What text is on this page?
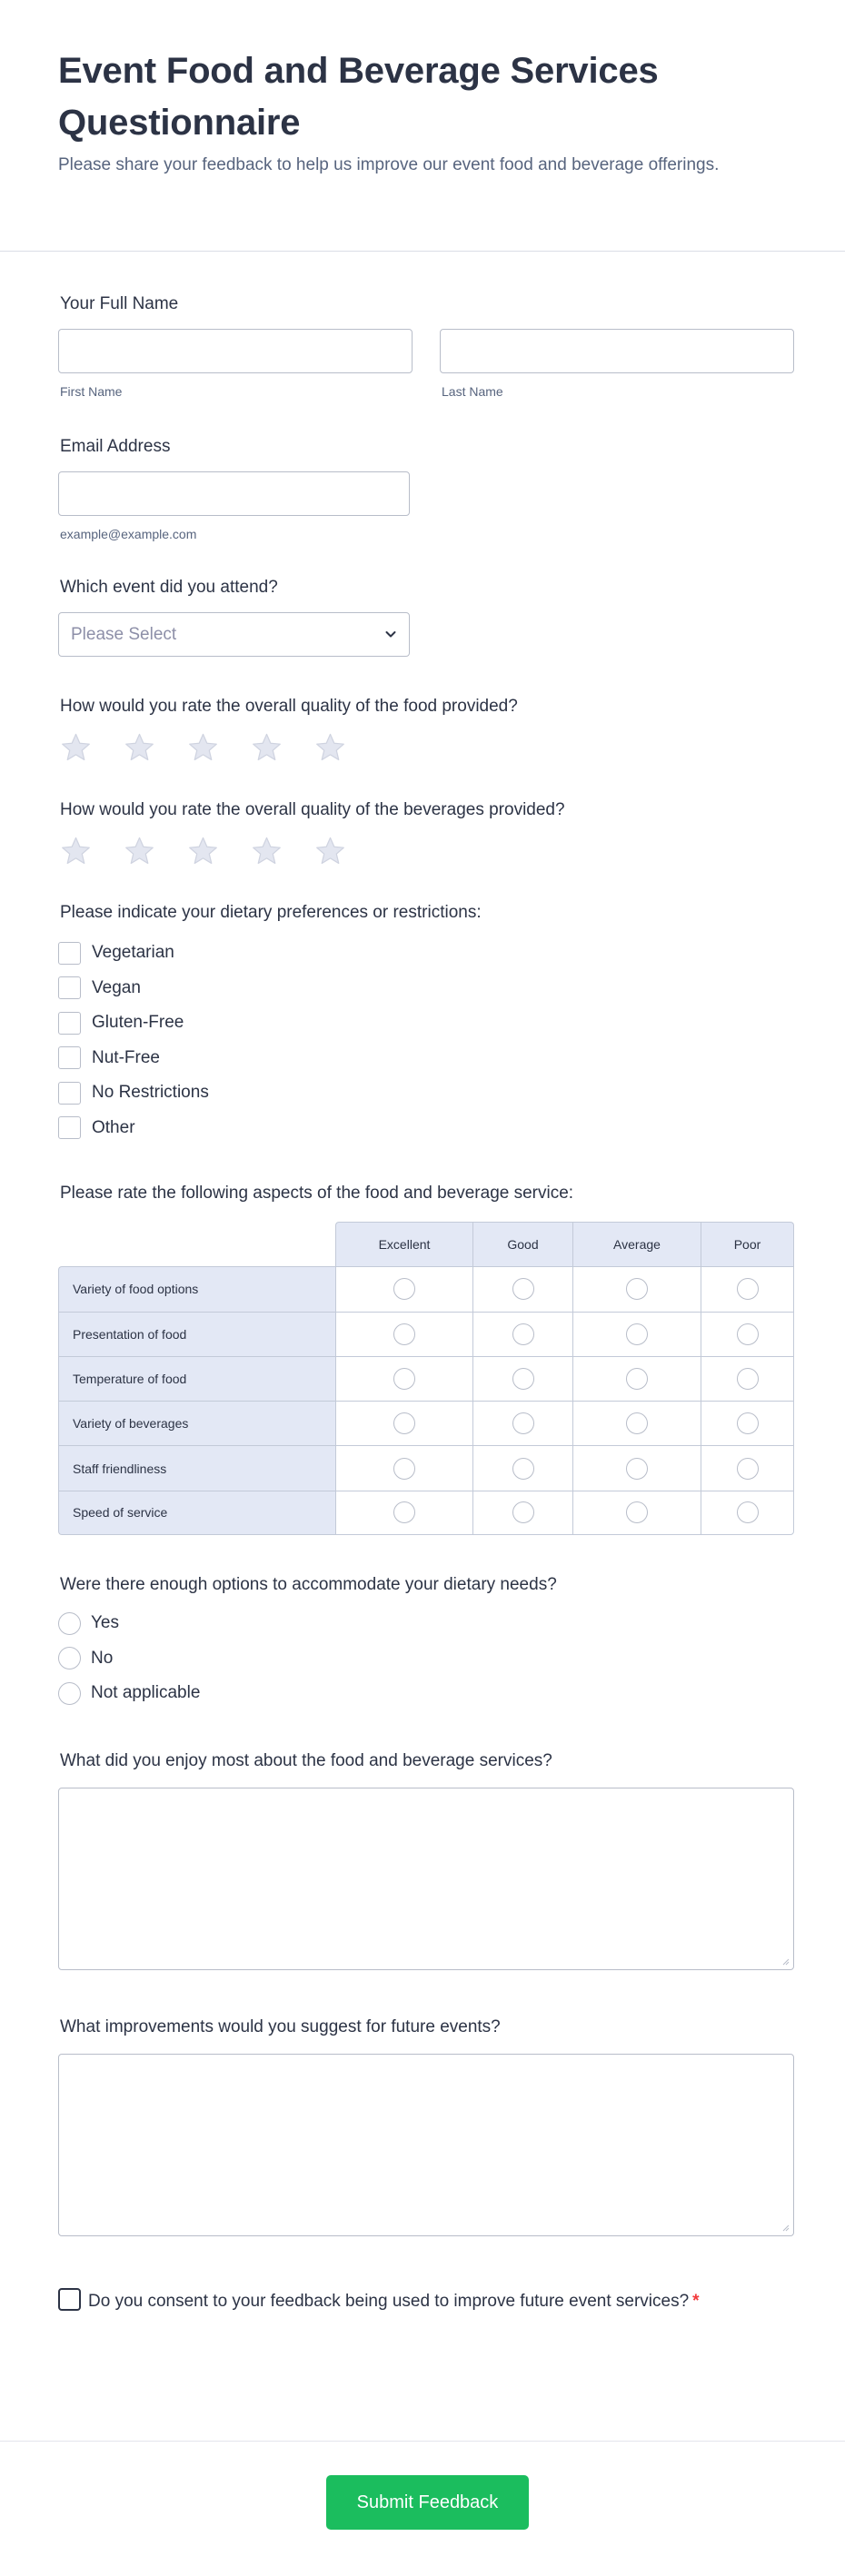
Event Food and Beverage Services Questionnaire

Please share your feedback to help us improve our event food and beverage offerings.

Your Full Name
First Name	Last Name
Email Address
example@example.com
Which event did you attend?
Please Select
How would you rate the overall quality of the food provided?
How would you rate the overall quality of the beverages provided?
Please indicate your dietary preferences or restrictions:
Vegetarian
Vegan
Gluten-Free
Nut-Free
No Restrictions
Other
Please rate the following aspects of the food and beverage service:
	Excellent	Good	Average	Poor
Variety of food options				
Presentation of food				
Temperature of food				
Variety of beverages				
Staff friendliness				
Speed of service				
Were there enough options to accommodate your dietary needs?
Yes
No
Not applicable
What did you enjoy most about the food and beverage services?
What improvements would you suggest for future events?
Do you consent to your feedback being used to improve future event services? *
Submit Feedback
